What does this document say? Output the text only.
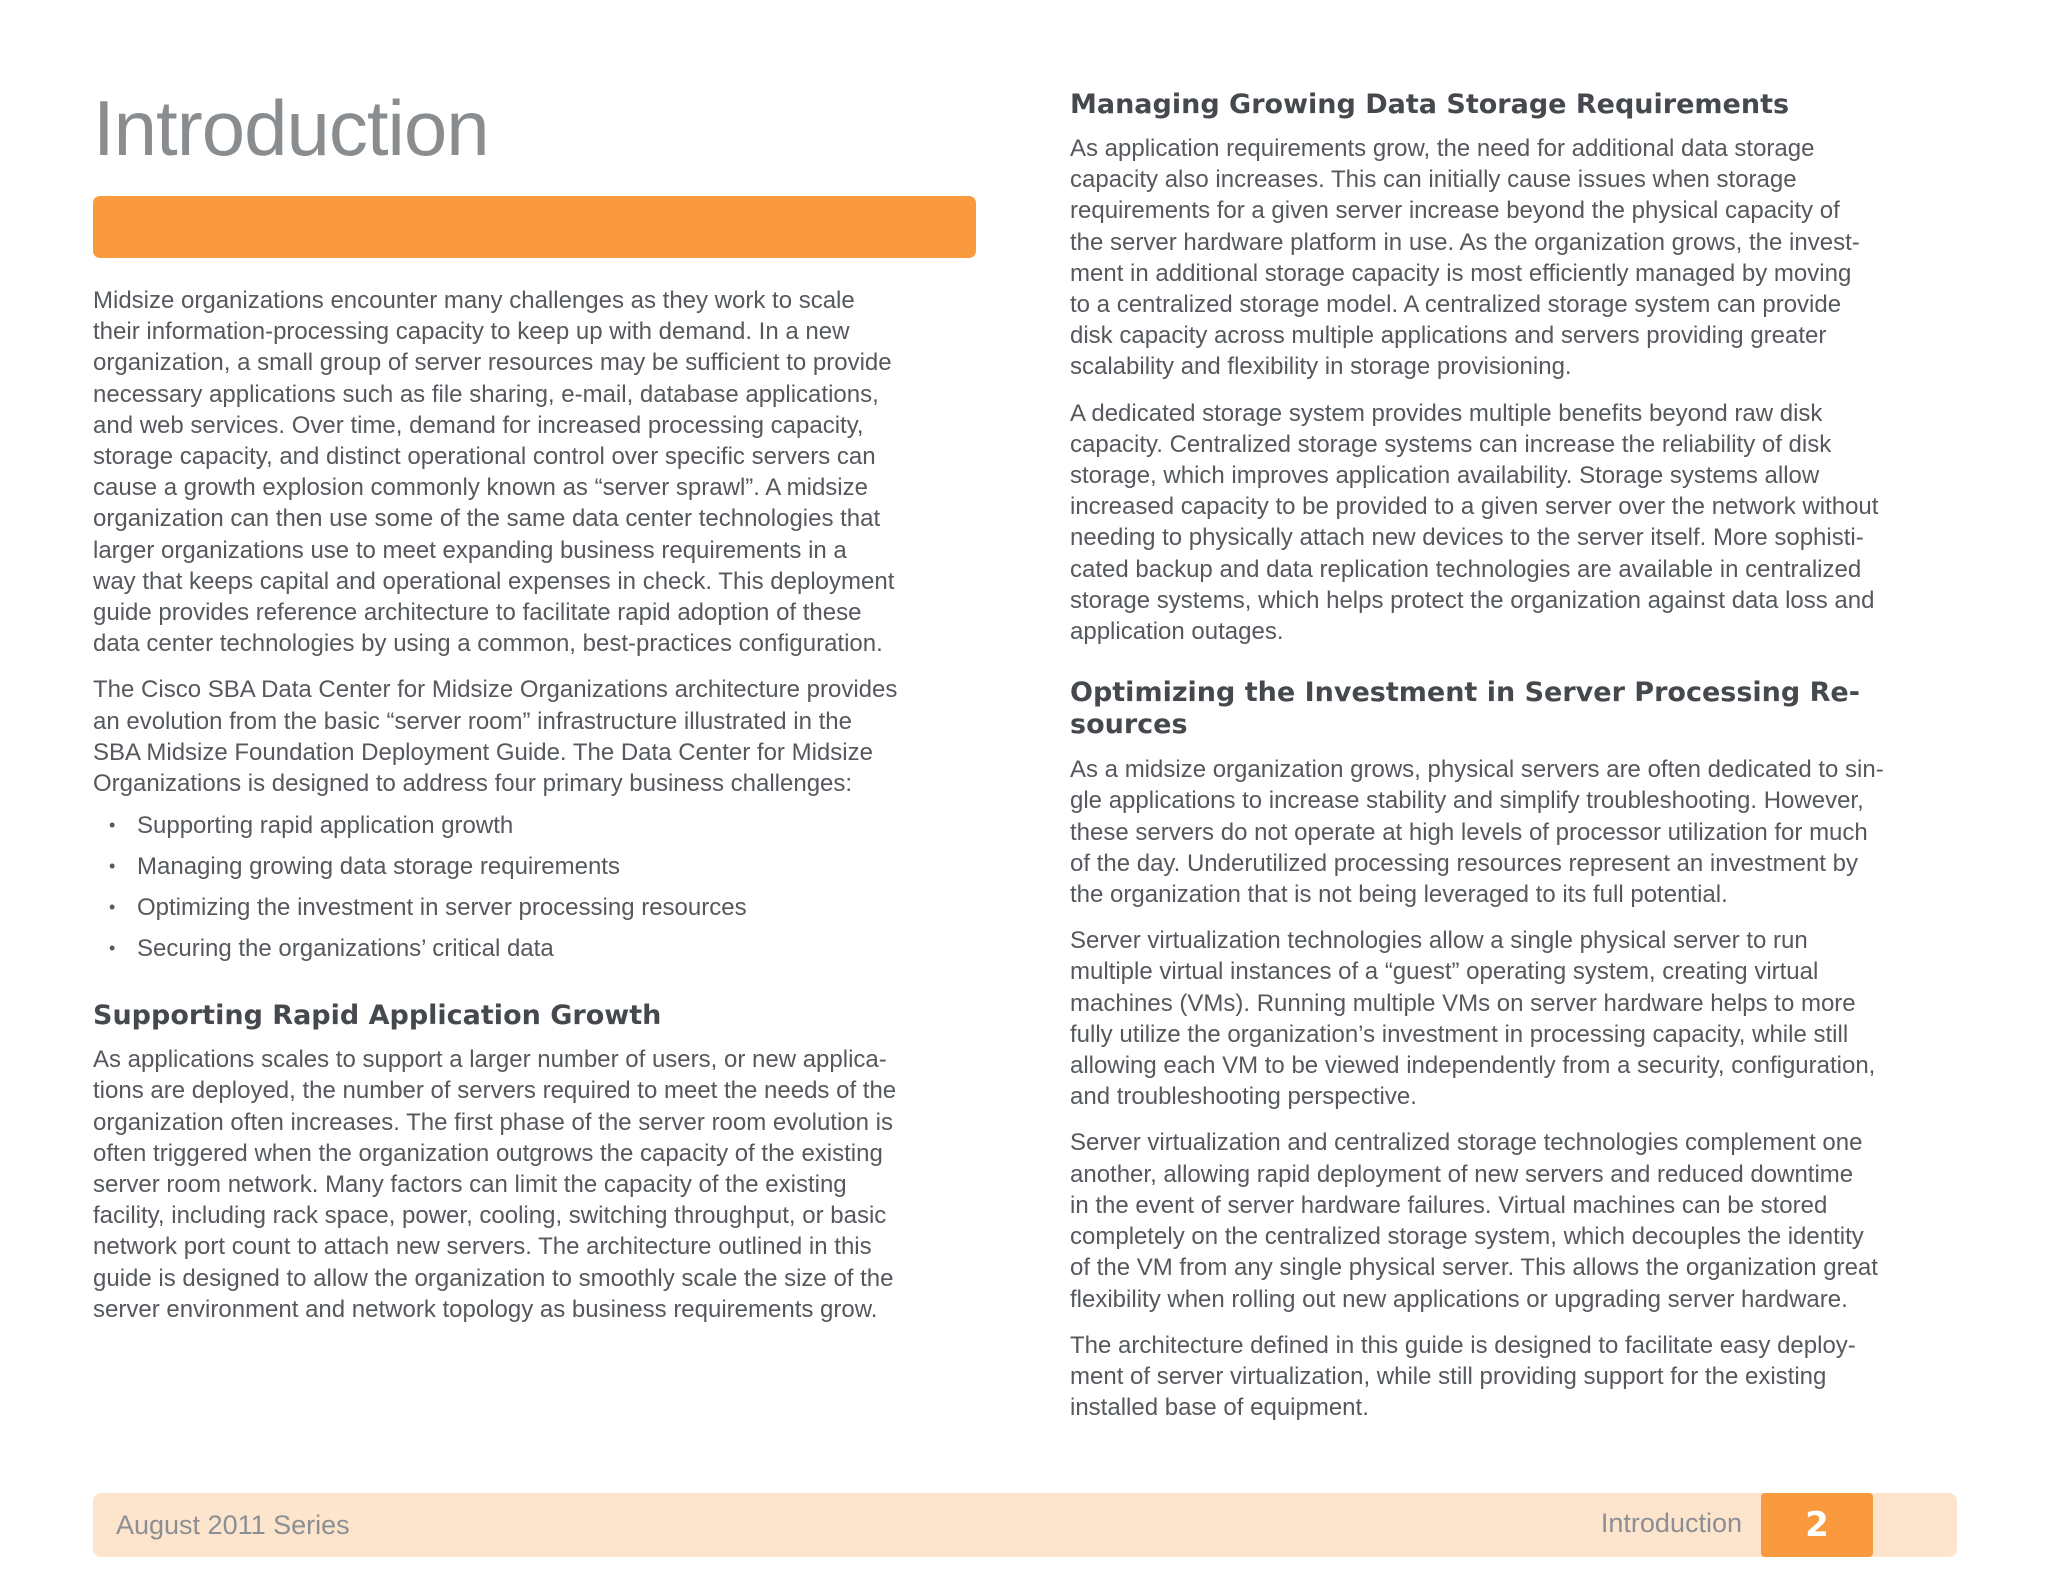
Introduction

Midsize organizations encounter many challenges as they work to scale
their information-processing capacity to keep up with demand. In a new
organization, a small group of server resources may be sufficient to provide
necessary applications such as file sharing, e-mail, database applications,
and web services. Over time, demand for increased processing capacity,
storage capacity, and distinct operational control over specific servers can
cause a growth explosion commonly known as “server sprawl”. A midsize
organization can then use some of the same data center technologies that
larger organizations use to meet expanding business requirements in a
way that keeps capital and operational expenses in check. This deployment
guide provides reference architecture to facilitate rapid adoption of these
data center technologies by using a common, best-practices configuration.

The Cisco SBA Data Center for Midsize Organizations architecture provides
an evolution from the basic “server room” infrastructure illustrated in the
SBA Midsize Foundation Deployment Guide. The Data Center for Midsize
Organizations is designed to address four primary business challenges:

• Supporting rapid application growth
• Managing growing data storage requirements
• Optimizing the investment in server processing resources
• Securing the organizations’ critical data
Supporting Rapid Application Growth

As applications scales to support a larger number of users, or new applica-
tions are deployed, the number of servers required to meet the needs of the
organization often increases. The first phase of the server room evolution is
often triggered when the organization outgrows the capacity of the existing
server room network. Many factors can limit the capacity of the existing
facility, including rack space, power, cooling, switching throughput, or basic
network port count to attach new servers. The architecture outlined in this
guide is designed to allow the organization to smoothly scale the size of the
server environment and network topology as business requirements grow.

Managing Growing Data Storage Requirements

As application requirements grow, the need for additional data storage
capacity also increases. This can initially cause issues when storage
requirements for a given server increase beyond the physical capacity of
the server hardware platform in use. As the organization grows, the invest-
ment in additional storage capacity is most efficiently managed by moving
to a centralized storage model. A centralized storage system can provide
disk capacity across multiple applications and servers providing greater
scalability and flexibility in storage provisioning.

A dedicated storage system provides multiple benefits beyond raw disk
capacity. Centralized storage systems can increase the reliability of disk
storage, which improves application availability. Storage systems allow
increased capacity to be provided to a given server over the network without
needing to physically attach new devices to the server itself. More sophisti-
cated backup and data replication technologies are available in centralized
storage systems, which helps protect the organization against data loss and
application outages.

Optimizing the Investment in Server Processing Re-
sources

As a midsize organization grows, physical servers are often dedicated to sin-
gle applications to increase stability and simplify troubleshooting. However,
these servers do not operate at high levels of processor utilization for much
of the day. Underutilized processing resources represent an investment by
the organization that is not being leveraged to its full potential.

Server virtualization technologies allow a single physical server to run
multiple virtual instances of a “guest” operating system, creating virtual
machines (VMs). Running multiple VMs on server hardware helps to more
fully utilize the organization’s investment in processing capacity, while still
allowing each VM to be viewed independently from a security, configuration,
and troubleshooting perspective.

Server virtualization and centralized storage technologies complement one
another, allowing rapid deployment of new servers and reduced downtime
in the event of server hardware failures. Virtual machines can be stored
completely on the centralized storage system, which decouples the identity
of the VM from any single physical server. This allows the organization great
flexibility when rolling out new applications or upgrading server hardware.

The architecture defined in this guide is designed to facilitate easy deploy-
ment of server virtualization, while still providing support for the existing
installed base of equipment.

August 2011 Series	Introduction	2
